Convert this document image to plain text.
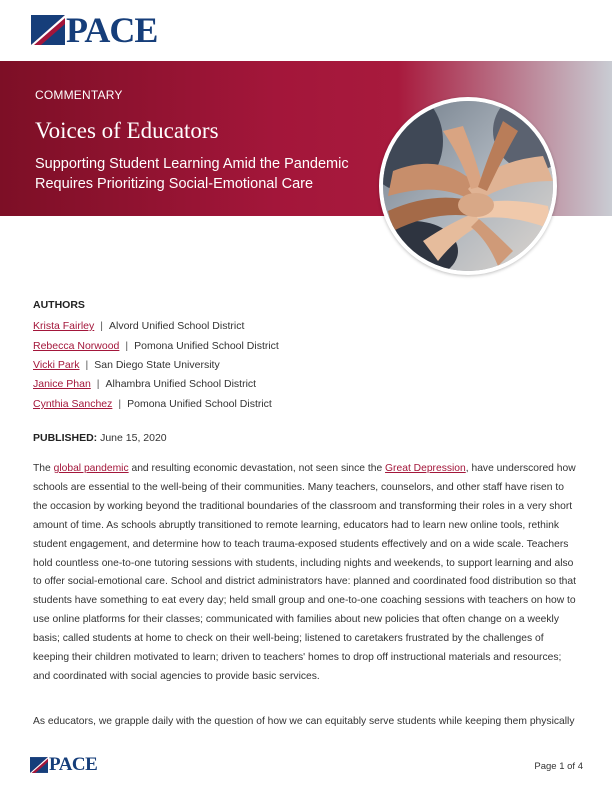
PACE
COMMENTARY
Voices of Educators
Supporting Student Learning Amid the Pandemic Requires Prioritizing Social-Emotional Care
AUTHORS
Krista Fairley | Alvord Unified School District
Rebecca Norwood | Pomona Unified School District
Vicki Park | San Diego State University
Janice Phan | Alhambra Unified School District
Cynthia Sanchez | Pomona Unified School District
PUBLISHED: June 15, 2020

The global pandemic and resulting economic devastation, not seen since the Great Depression, have underscored how schools are essential to the well-being of their communities. Many teachers, counselors, and other staff have risen to the occasion by working beyond the traditional boundaries of the classroom and transforming their roles in a very short amount of time. As schools abruptly transitioned to remote learning, educators had to learn new online tools, rethink student engagement, and determine how to teach trauma-exposed students effectively and on a wide scale. Teachers hold countless one-to-one tutoring sessions with students, including nights and weekends, to support learning and also to offer social-emotional care. School and district administrators have: planned and coordinated food distribution so that students have something to eat every day; held small group and one-to-one coaching sessions with teachers on how to use online platforms for their classes; communicated with families about new policies that often change on a weekly basis; called students at home to check on their well-being; listened to caretakers frustrated by the challenges of keeping their children motivated to learn; driven to teachers' homes to drop off instructional materials and resources; and coordinated with social agencies to provide basic services.

As educators, we grapple daily with the question of how we can equitably serve students while keeping them physically

PACE	Page 1 of 4
